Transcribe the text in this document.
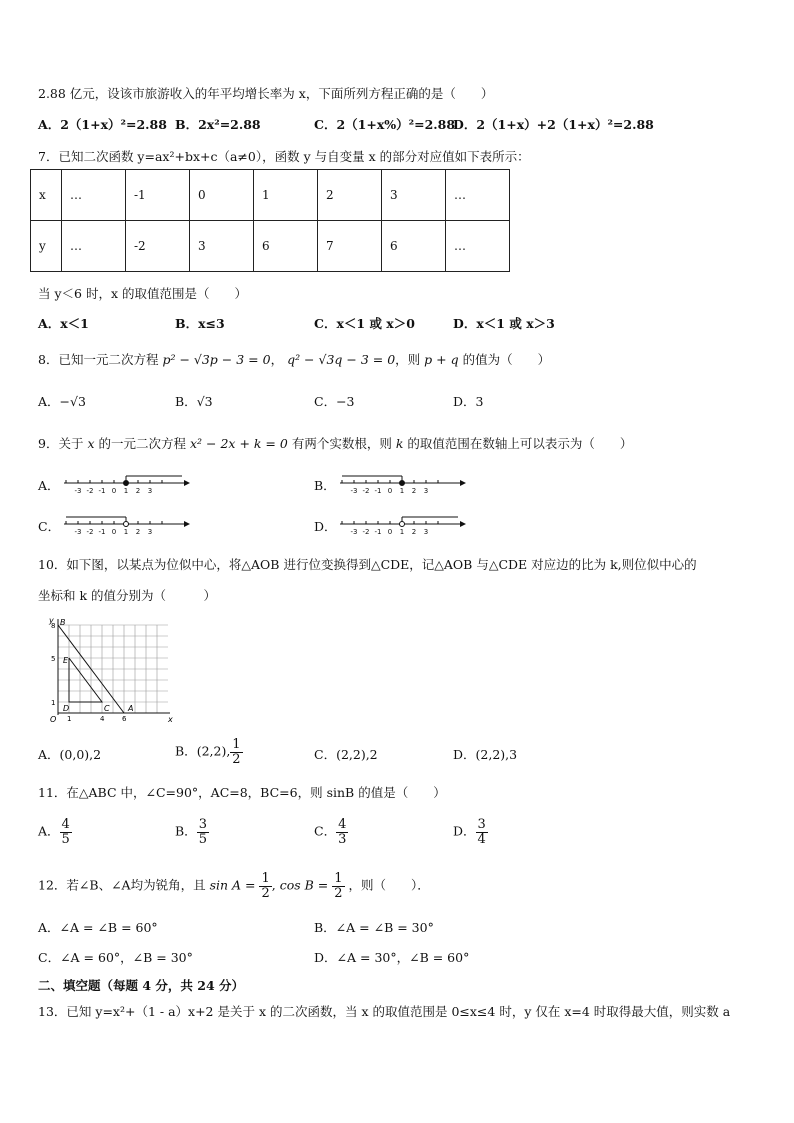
2.88 亿元，设该市旅游收入的年平均增长率为 x，下面所列方程正确的是（　　）
A．2（1+x）²=2.88 B．2x²=2.88	C．2（1+x%）²=2.88
D．2（1+x）+2（1+x）²=2.88
7．已知二次函数 y=ax²+bx+c（a≠0），函数 y 与自变量 x 的部分对应值如下表所示：
x	…	-1	0	1	2	3	…
y	…	-2	3	6	7	6	…
当 y＜6 时，x 的取值范围是（　　）
A．x＜1	B．x≤3	C．x＜1 或 x＞0	D．x＜1 或 x＞3
8．已知一元二次方程 p² − √3p − 3 = 0， q² − √3q − 3 = 0，则 p + q 的值为（　　）
A．−√3	B．√3	C．−3	D．3
9．关于 x 的一元二次方程 x² − 2x + k = 0 有两个实数根，则 k 的取值范围在数轴上可以表示为（　　）
A．	B．
C．	D．
-3 -2 -1 0 1 2 3	-3 -2 -1 0 1 2 3
-3 -2 -1 0 1 2 3	-3 -2 -1 0 1 2 3
10．如下图，以某点为位似中心，将△AOB 进行位变换得到△CDE，记△AOB 与△CDE 对应边的比为 k,则位似中心的
坐标和 k 的值分别为（　　　）
y
x
B
E
D	C A
O
8
5
1
1	4	6
A．(0,0),2	B．(2,2), $\frac{1}{2}$	C．(2,2),2	D．(2,2),3
11．在△ABC 中，∠C=90°，AC=8，BC=6，则 sinB 的值是（　　）
A． $\frac{4}{5}$	B． $\frac{3}{5}$	C． $\frac{4}{3}$	D． $\frac{3}{4}$
12．若∠B、∠A均为锐角，且 $\sin A = \frac{1}{2}$ , $\cos B = \frac{1}{2}$ ，则（　　）．
A．∠A = ∠B = 60°	B．∠A = ∠B = 30°
C．∠A = 60°，∠B = 30°	D．∠A = 30°，∠B = 60°
二、填空题（每题 4 分，共 24 分）
13．已知 y=x²+（1 - a）x+2 是关于 x 的二次函数，当 x 的取值范围是 0≤x≤4 时，y 仅在 x=4 时取得最大值，则实数 a
